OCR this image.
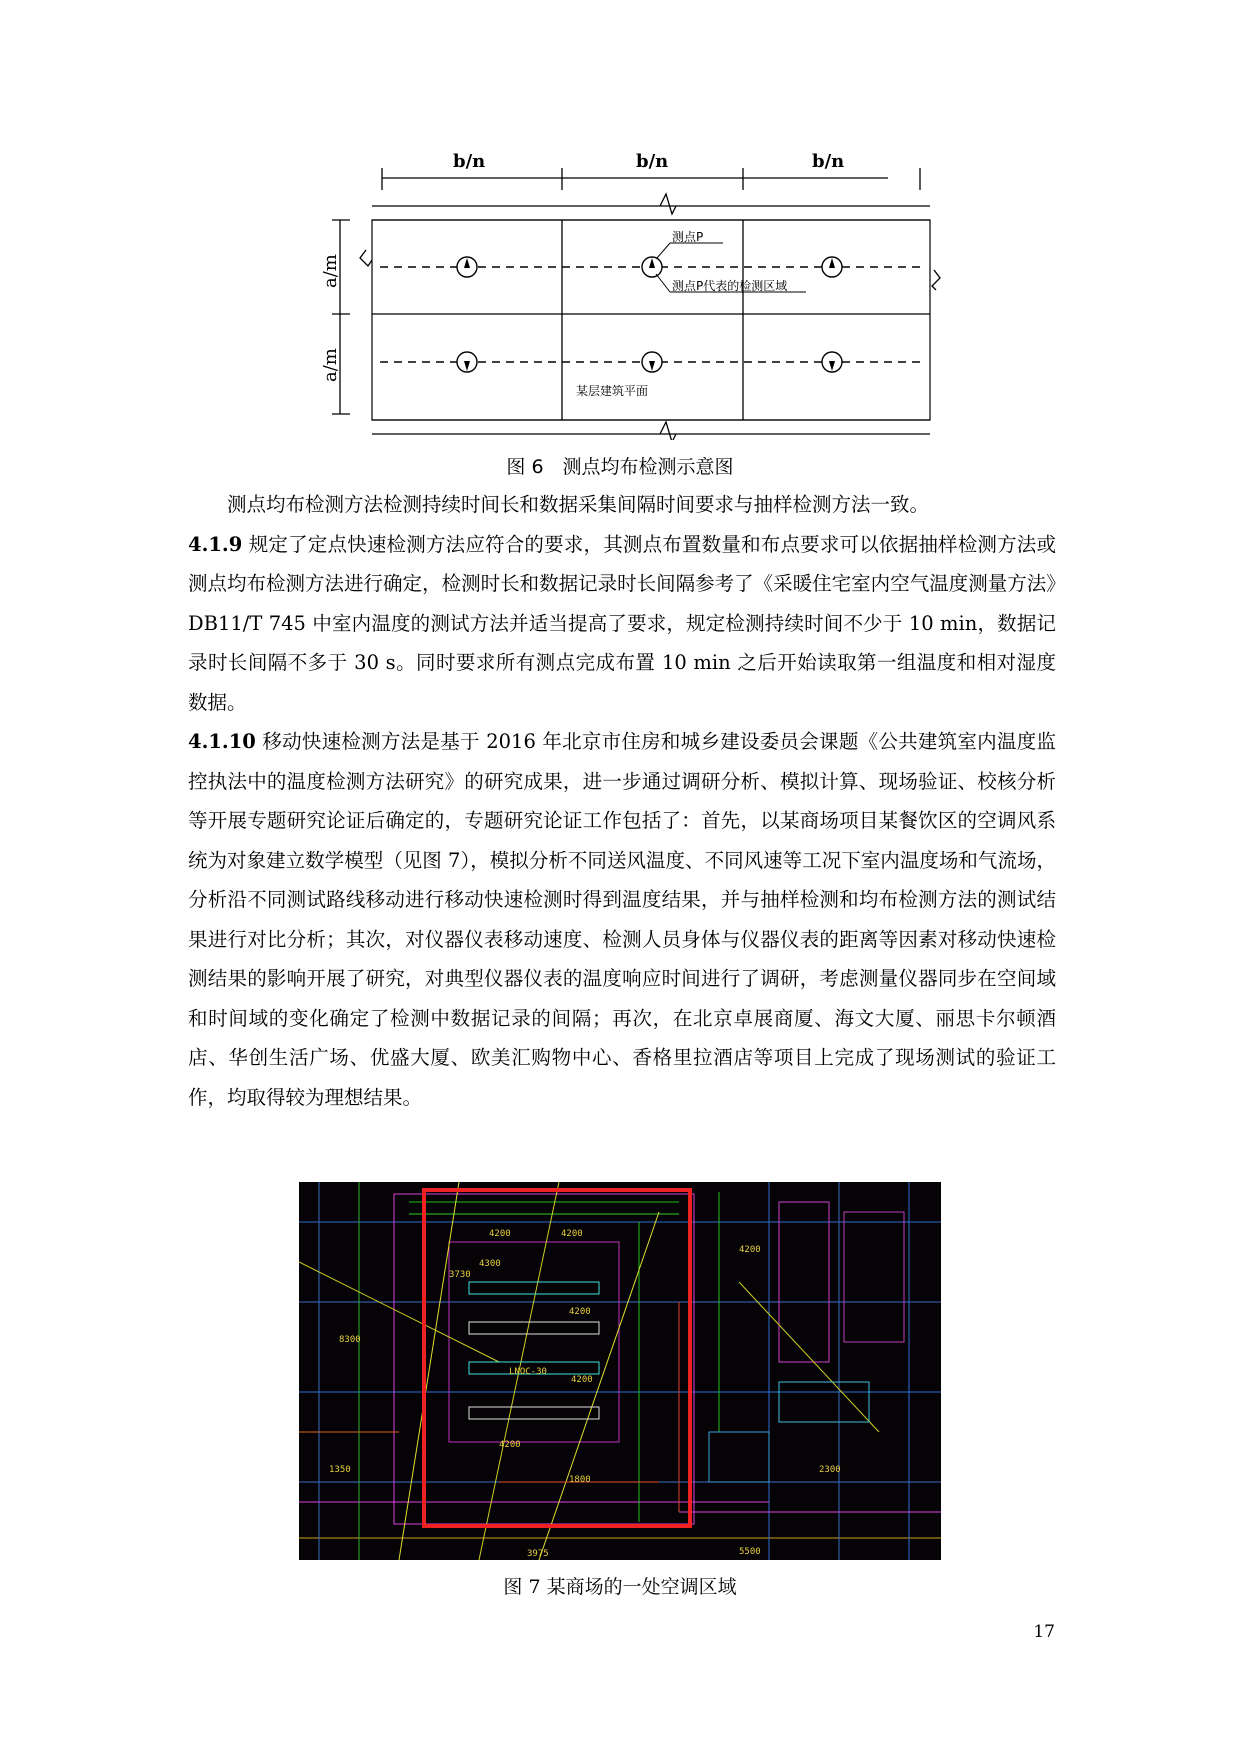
b/n	b/n	b/n
a/m
a/m
测点P
测点P代表的检测区域
某层建筑平面
图 6　测点均布检测示意图

测点均布检测方法检测持续时间长和数据采集间隔时间要求与抽样检测方法一致。

4.1.9 规定了定点快速检测方法应符合的要求，其测点布置数量和布点要求可以依据抽样检测方法或测点均布检测方法进行确定，检测时长和数据记录时长间隔参考了《采暖住宅室内空气温度测量方法》DB11/T 745 中室内温度的测试方法并适当提高了要求，规定检测持续时间不少于 10 min，数据记录时长间隔不多于 30 s。同时要求所有测点完成布置 10 min 之后开始读取第一组温度和相对湿度数据。

4.1.10 移动快速检测方法是基于 2016 年北京市住房和城乡建设委员会课题《公共建筑室内温度监控执法中的温度检测方法研究》的研究成果，进一步通过调研分析、模拟计算、现场验证、校核分析等开展专题研究论证后确定的，专题研究论证工作包括了：首先，以某商场项目某餐饮区的空调风系统为对象建立数学模型（见图 7），模拟分析不同送风温度、不同风速等工况下室内温度场和气流场，分析沿不同测试路线移动进行移动快速检测时得到温度结果，并与抽样检测和均布检测方法的测试结果进行对比分析；其次，对仪器仪表移动速度、检测人员身体与仪器仪表的距离等因素对移动快速检测结果的影响开展了研究，对典型仪器仪表的温度响应时间进行了调研，考虑测量仪器同步在空间域和时间域的变化确定了检测中数据记录的间隔；再次，在北京卓展商厦、海文大厦、丽思卡尔顿酒店、华创生活广场、优盛大厦、欧美汇购物中心、香格里拉酒店等项目上完成了现场测试的验证工作，均取得较为理想结果。

4200	4200
4200
4200
4200
3975	5500
8300
4300
3730
LNOC-30
1800
2300
4200
1350
图 7 某商场的一处空调区域
17
